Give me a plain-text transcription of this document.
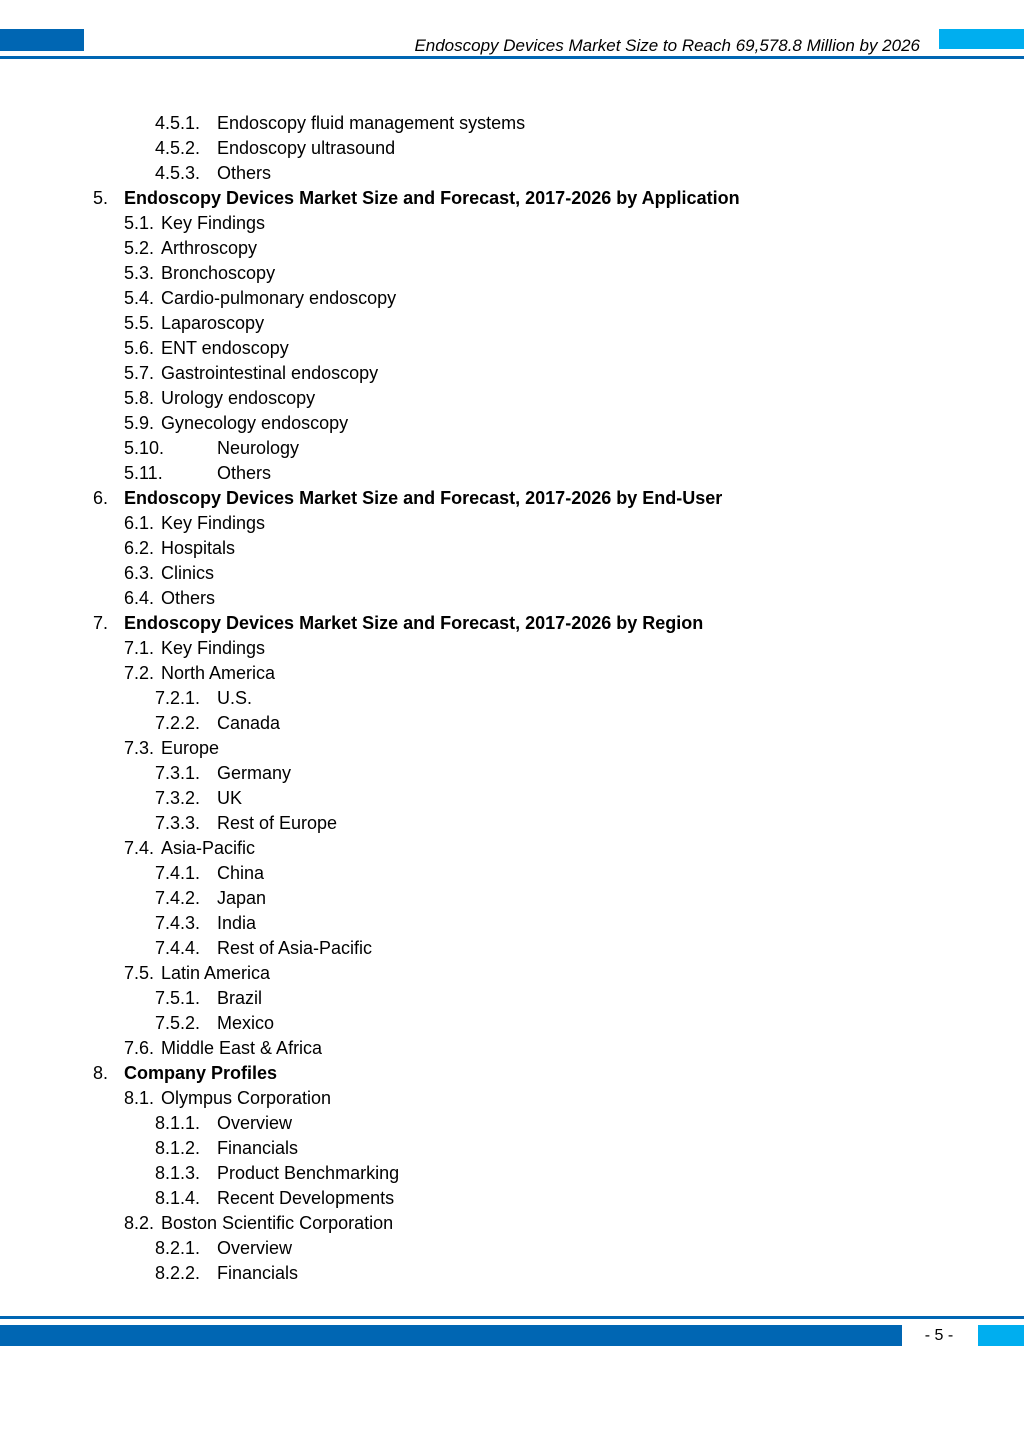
Endoscopy Devices Market Size to Reach 69,578.8 Million by 2026
4.5.1. Endoscopy fluid management systems
4.5.2. Endoscopy ultrasound
4.5.3. Others
5. Endoscopy Devices Market Size and Forecast, 2017-2026 by Application
5.1. Key Findings
5.2. Arthroscopy
5.3. Bronchoscopy
5.4. Cardio-pulmonary endoscopy
5.5. Laparoscopy
5.6. ENT endoscopy
5.7. Gastrointestinal endoscopy
5.8. Urology endoscopy
5.9. Gynecology endoscopy
5.10.	Neurology
5.11.	Others
6. Endoscopy Devices Market Size and Forecast, 2017-2026 by End-User
6.1. Key Findings
6.2. Hospitals
6.3. Clinics
6.4. Others
7. Endoscopy Devices Market Size and Forecast, 2017-2026 by Region
7.1. Key Findings
7.2. North America
7.2.1. U.S.
7.2.2. Canada
7.3. Europe
7.3.1. Germany
7.3.2. UK
7.3.3. Rest of Europe
7.4. Asia-Pacific
7.4.1. China
7.4.2. Japan
7.4.3. India
7.4.4. Rest of Asia-Pacific
7.5. Latin America
7.5.1. Brazil
7.5.2. Mexico
7.6. Middle East & Africa
8. Company Profiles
8.1. Olympus Corporation
8.1.1. Overview
8.1.2. Financials
8.1.3. Product Benchmarking
8.1.4. Recent Developments
8.2. Boston Scientific Corporation
8.2.1. Overview
8.2.2. Financials
- 5 -
